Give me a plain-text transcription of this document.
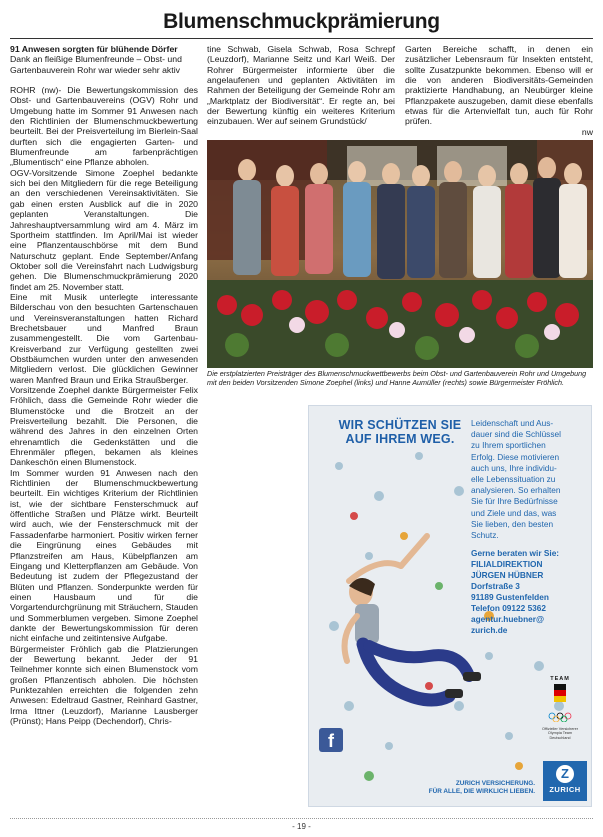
Blumenschmuckprämierung

91 Anwesen sorgten für blühende Dörfer

Dank an fleißige Blumenfreunde – Obst- und Gartenbauverein Rohr war wieder sehr aktiv

ROHR (nw)- Die Bewertungskommission des Obst- und Gartenbauvereins (OGV) Rohr und Umgebung hatte im Sommer 91 Anwesen nach den Richtlinien der Blumenschmuckbewertung beurteilt. Bei der Preisverteilung im Bierlein-Saal durften sich die engagierten Garten- und Blumenfreunde am farbenprächtigen „Blumentisch“ eine Pflanze abholen.

OGV-Vorsitzende Simone Zoephel bedankte sich bei den Mitgliedern für die rege Beteiligung an den verschiedenen Vereinsaktivitäten. Sie gab einen ersten Ausblick auf die in 2020 geplanten Veranstaltungen. Die Jahreshauptversammlung wird am 4. März im Sportheim stattfinden. Im April/Mai ist wieder eine Pflanzentauschbörse mit dem Bund Naturschutz geplant. Ende September/Anfang Oktober soll die Vereinsfahrt nach Ludwigsburg gehen. Die Blumenschmuckprämierung 2020 findet am 25. November statt.

Eine mit Musik unterlegte interessante Bilderschau von den besuchten Gartenschauen und Vereinsveranstaltungen hatten Richard Brechetsbauer und Manfred Braun zusammengestellt. Die vom Gartenbau-Kreisverband zur Verfügung gestellten zwei Obstbäumchen wurden unter den anwesenden Mitgliedern verlost. Die glücklichen Gewinner waren Manfred Braun und Erika Straußberger.

Vorsitzende Zoephel dankte Bürgermeister Felix Fröhlich, dass die Gemeinde Rohr wieder die Blumenstöcke und die Brotzeit an der Preisverteilung bezahlt. Die Personen, die während des Jahres in den einzelnen Orten ehrenamtlich die Gedenkstätten und die Ehrenmäler pflegen, bekamen als kleines Dankeschön einen Blumenstock.

Im Sommer wurden 91 Anwesen nach den Richtlinien der Blumenschmuckbewertung beurteilt. Ein wichtiges Kriterium der Richtlinien ist, wie der sichtbare Fensterschmuck auf öffentliche Straßen und Plätze wirkt. Beurteilt wird auch, wie der Fensterschmuck mit der Fassadenfarbe harmoniert. Positiv wirken ferner die Eingrünung eines Gebäudes mit Pflanzstreifen am Haus, Kübelpflanzen am Eingang und Kletterpflanzen am Gebäude. Von Bedeutung ist zudem der Pflegezustand der Blüten und Pflanzen. Sonderpunkte werden für einen Hausbaum und für die Vorgartendurchgrünung mit Sträuchern, Stauden und Sommerblumen vergeben. Simone Zoephel dankte der Bewertungskommission für deren nicht einfache und zeitintensive Aufgabe.

Bürgermeister Fröhlich gab die Platzierungen der Bewertung bekannt. Jeder der 91 Teilnehmer konnte sich einen Blumenstock vom großen Pflanzentisch abholen. Die höchsten Punktezahlen erreichten die folgenden zehn Anwesen: Edeltraud Gastner, Reinhard Gastner, Irma Ittner (Leuzdorf), Marianne Lausberger (Prünst); Hans Peipp (Dechendorf), Chris-

tine Schwab, Gisela Schwab, Rosa Schrepf (Leuzdorf), Marianne Seitz und Karl Weiß. Der Rohrer Bürgermeister informierte über die angelaufenen und geplanten Aktivitäten im Rahmen der Beteiligung der Gemeinde Rohr am „Marktplatz der Biodiversität“. Er regte an, bei der Bewertung künftig ein weiteres Kriterium einzubauen. Wer auf seinem Grundstück/

Garten Bereiche schafft, in denen ein zusätzlicher Lebensraum für Insekten entsteht, sollte Zusatzpunkte bekommen. Ebenso will er die von anderen Biodiversitäts-Gemeinden praktizierte Handhabung, an Neubürger kleine Pflanzpakete auszugeben, damit diese ebenfalls etwas für die Artenvielfalt tun, auch für Rohr prüfen.

nw

Die erstplatzierten Preisträger des Blumenschmuckwettbewerbs beim Obst- und Gartenbauverein Rohr und Umgebung mit den beiden Vorsitzenden Simone Zoephel (links) und Hanne Aumüller (rechts) sowie Bürgermeister Fröhlich.
WIR SCHÜTZEN SIE
AUF IHREM WEG.
Leidenschaft und Aus-
dauer sind die Schlüssel
zu Ihrem sportlichen
Erfolg. Diese motivieren
auch uns, Ihre individu-
elle Lebenssituation zu
analysieren. So erhalten
Sie für Ihre Bedürfnisse
und Ziele und das, was
Sie lieben, den besten
Schutz.
Gerne beraten wir Sie:
FILIALDIREKTION
JÜRGEN HÜBNER
Dorfstraße 3
91189 Gustenfelden
Telefon 09122 5362
agentur.huebner@
zurich.de
TEAM

Offizieller Versicherer
Olympia Team
Deutschland
f
ZURICH VERSICHERUNG.
FÜR ALLE, DIE WIRKLICH LIEBEN.
Z
ZURICH
- 19 -
